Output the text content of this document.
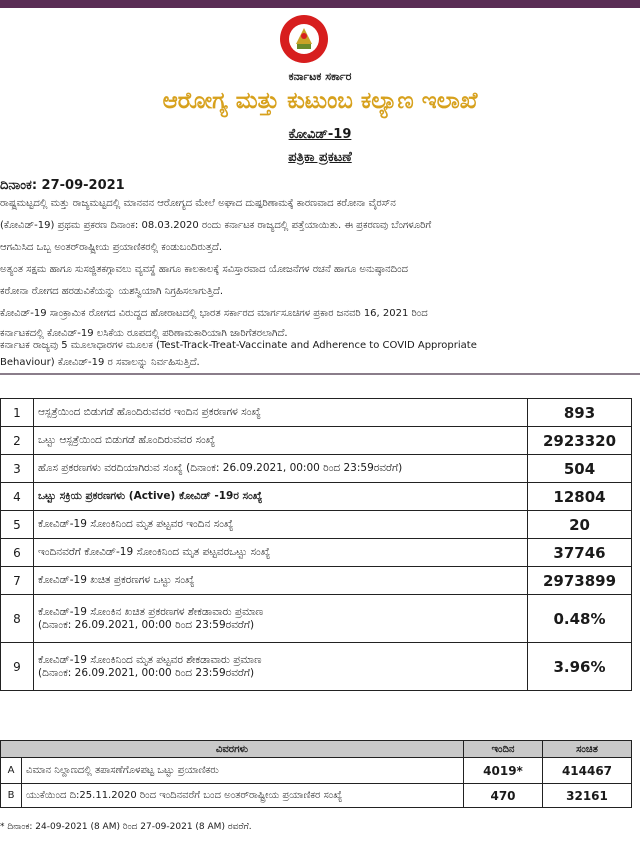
ಕರ್ನಾಟಕ ಸರ್ಕಾರ
ಆರೋಗ್ಯ ಮತ್ತು ಕುಟುಂಬ ಕಲ್ಯಾಣ ಇಲಾಖೆ
ಕೋವಿಡ್-19
ಪತ್ರಿಕಾ ಪ್ರಕಟಣೆ
ದಿನಾಂಕ: 27-09-2021
ರಾಷ್ಟ್ರಮಟ್ಟದಲ್ಲಿ ಮತ್ತು ರಾಜ್ಯಮಟ್ಟದಲ್ಲಿ ಮಾನವನ ಆರೋಗ್ಯದ ಮೇಲೆ ಅಘಾದ ದುಷ್ಪರಿಣಾಮಕ್ಕೆ ಕಾರಣವಾದ ಕರೋನಾ ವೈರಸ್‌ನ
(ಕೋವಿಡ್-19) ಪ್ರಥಮ ಪ್ರಕರಣ ದಿನಾಂಕ: 08.03.2020 ರಂದು ಕರ್ನಾಟಕ ರಾಜ್ಯದಲ್ಲಿ ಪತ್ತೆಯಾಯಿತು. ಈ ಪ್ರಕರಣವು ಬೆಂಗಳೂರಿಗೆ
ಆಗಮಿಸಿದ ಒಬ್ಬ ಅಂತರ್‌ರಾಷ್ಟ್ರೀಯ ಪ್ರಯಾಣಿಕರಲ್ಲಿ ಕಂಡುಬಂದಿರುತ್ತದೆ.
ಅತ್ಯಂತ ಸಕ್ಷಮ ಹಾಗೂ ಸುಸಜ್ಜಿತಕಗ್ಗಾವಲು ವ್ಯವಸ್ಥೆ ಹಾಗೂ ಕಾಲಕಾಲಕ್ಕೆ ಸವಿಸ್ತಾರವಾದ ಯೋಜನೆಗಳ ರಚನೆ ಹಾಗೂ ಅನುಷ್ಠಾನದಿಂದ
ಕರೋನಾ ರೋಗದ ಹರಡುವಿಕೆಯನ್ನು ಯಶಸ್ವಿಯಾಗಿ ನಿಗ್ರಹಿಸಲಾಗುತ್ತಿದೆ.
ಕೋವಿಡ್-19 ಸಾಂಕ್ರಾಮಿಕ ರೋಗದ ವಿರುದ್ಧದ ಹೋರಾಟದಲ್ಲಿ ಭಾರತ ಸರ್ಕಾರದ ಮಾರ್ಗಸೂಚಿಗಳ ಪ್ರಕಾರ ಜನವರಿ 16, 2021 ರಿಂದ
ಕರ್ನಾಟಕದಲ್ಲಿ ಕೋವಿಡ್-19 ಲಸಿಕೆಯ ರೂಪದಲ್ಲಿ ಪರಿಣಾಮಕಾರಿಯಾಗಿ ಜಾರಿಗೆತರಲಾಗಿದೆ.
ಕರ್ನಾಟಕ ರಾಜ್ಯವು 5 ಮೂಲಾಧಾರಗಳ ಮೂಲಕ (Test-Track-Treat-Vaccinate and Adherence to COVID Appropriate
Behaviour) ಕೋವಿಡ್-19 ರ ಸವಾಲನ್ನು ನಿರ್ವಹಿಸುತ್ತಿದೆ.
1	ಆಸ್ಪತ್ರೆಯಿಂದ ಬಿಡುಗಡೆ ಹೊಂದಿರುವವರ ಇಂದಿನ ಪ್ರಕರಣಗಳ ಸಂಖ್ಯೆ	893
2	ಒಟ್ಟು ಆಸ್ಪತ್ರೆಯಿಂದ ಬಿಡುಗಡೆ ಹೊಂದಿರುವವರ ಸಂಖ್ಯೆ	2923320
3	ಹೊಸ ಪ್ರಕರಣಗಳು ವರದಿಯಾಗಿರುವ ಸಂಖ್ಯೆ (ದಿನಾಂಕ: 26.09.2021, 00:00 ರಿಂದ 23:59ರವರೆಗೆ)	504
4	ಒಟ್ಟು ಸಕ್ರಿಯ ಪ್ರಕರಣಗಳು (Active) ಕೋವಿಡ್ -19ರ ಸಂಖ್ಯೆ	12804
5	ಕೋವಿಡ್-19 ಸೋಂಕಿನಿಂದ ಮೃತ ಪಟ್ಟವರ ಇಂದಿನ ಸಂಖ್ಯೆ	20
6	ಇಂದಿನವರೆಗೆ ಕೋವಿಡ್-19 ಸೋಂಕಿನಿಂದ ಮೃತ ಪಟ್ಟವರಒಟ್ಟು ಸಂಖ್ಯೆ	37746
7	ಕೋವಿಡ್-19 ಖಚಿತ ಪ್ರಕರಣಗಳ ಒಟ್ಟು ಸಂಖ್ಯೆ	2973899
8	ಕೋವಿಡ್-19 ಸೋಂಕಿನ ಖಚಿತ ಪ್ರಕರಣಗಳ ಶೇಕಡಾವಾರು ಪ್ರಮಾಣ
(ದಿನಾಂಕ: 26.09.2021, 00:00 ರಿಂದ 23:59ರವರೆಗೆ)	0.48%
9	ಕೋವಿಡ್-19 ಸೋಂಕಿನಿಂದ ಮೃತ ಪಟ್ಟವರ ಶೇಕಡಾವಾರು ಪ್ರಮಾಣ
(ದಿನಾಂಕ: 26.09.2021, 00:00 ರಿಂದ 23:59ರವರೆಗೆ)	3.96%
ವಿವರಗಳು		ಇಂದಿನ	ಸಂಚಿತ
A	ವಿಮಾನ ನಿಲ್ದಾಣದಲ್ಲಿ ತಪಾಸಣೆಗೊಳಪಟ್ಟ ಒಟ್ಟು ಪ್ರಯಾಣಿಕರು	4019*	414467
B	ಯುಕೆಯಿಂದ ದಿ:25.11.2020 ರಿಂದ ಇಂದಿನವರೆಗೆ ಬಂದ ಅಂತರ್‌ರಾಷ್ಟ್ರೀಯ ಪ್ರಯಾಣಿಕರ ಸಂಖ್ಯೆ	470	32161
* ದಿನಾಂಕ: 24-09-2021 (8 AM) ರಿಂದ 27-09-2021 (8 AM) ರವರೆಗೆ.
